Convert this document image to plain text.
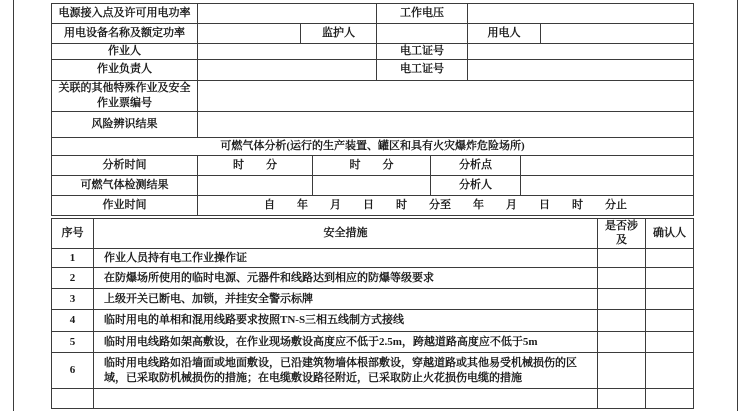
电源接入点及许可用电功率			工作电压		
用电设备名称及额定功率		监护人		用电人	
作业人			电工证号		
作业负责人			电工证号		
关联的其他特殊作业及安全作业票编号					
风险辨识结果					
可燃气体分析(运行的生产装置、罐区和具有火灾爆炸危险场所)				
分析时间	时　　分	时　　分	分析点	
可燃气体检测结果			分析人	
作业时间	自　　年　　月　　日　　时　　分至　　年　　月　　日　　时　　分止			
序号	安全措施	是否涉及	确认人
1	作业人员持有电工作业操作证		
2	在防爆场所使用的临时电源、元器件和线路达到相应的防爆等级要求		
3	上级开关已断电、加锁，并挂安全警示标牌		
4	临时用电的单相和混用线路要求按照TN-S三相五线制方式接线		
5	临时用电线路如架高敷设，在作业现场敷设高度应不低于2.5m，跨越道路高度应不低于5m		
6	临时用电线路如沿墙面或地面敷设，已沿建筑物墙体根部敷设，穿越道路或其他易受机械损伤的区域，已采取防机械损伤的措施；在电缆敷设路径附近，已采取防止火花损伤电缆的措施		
